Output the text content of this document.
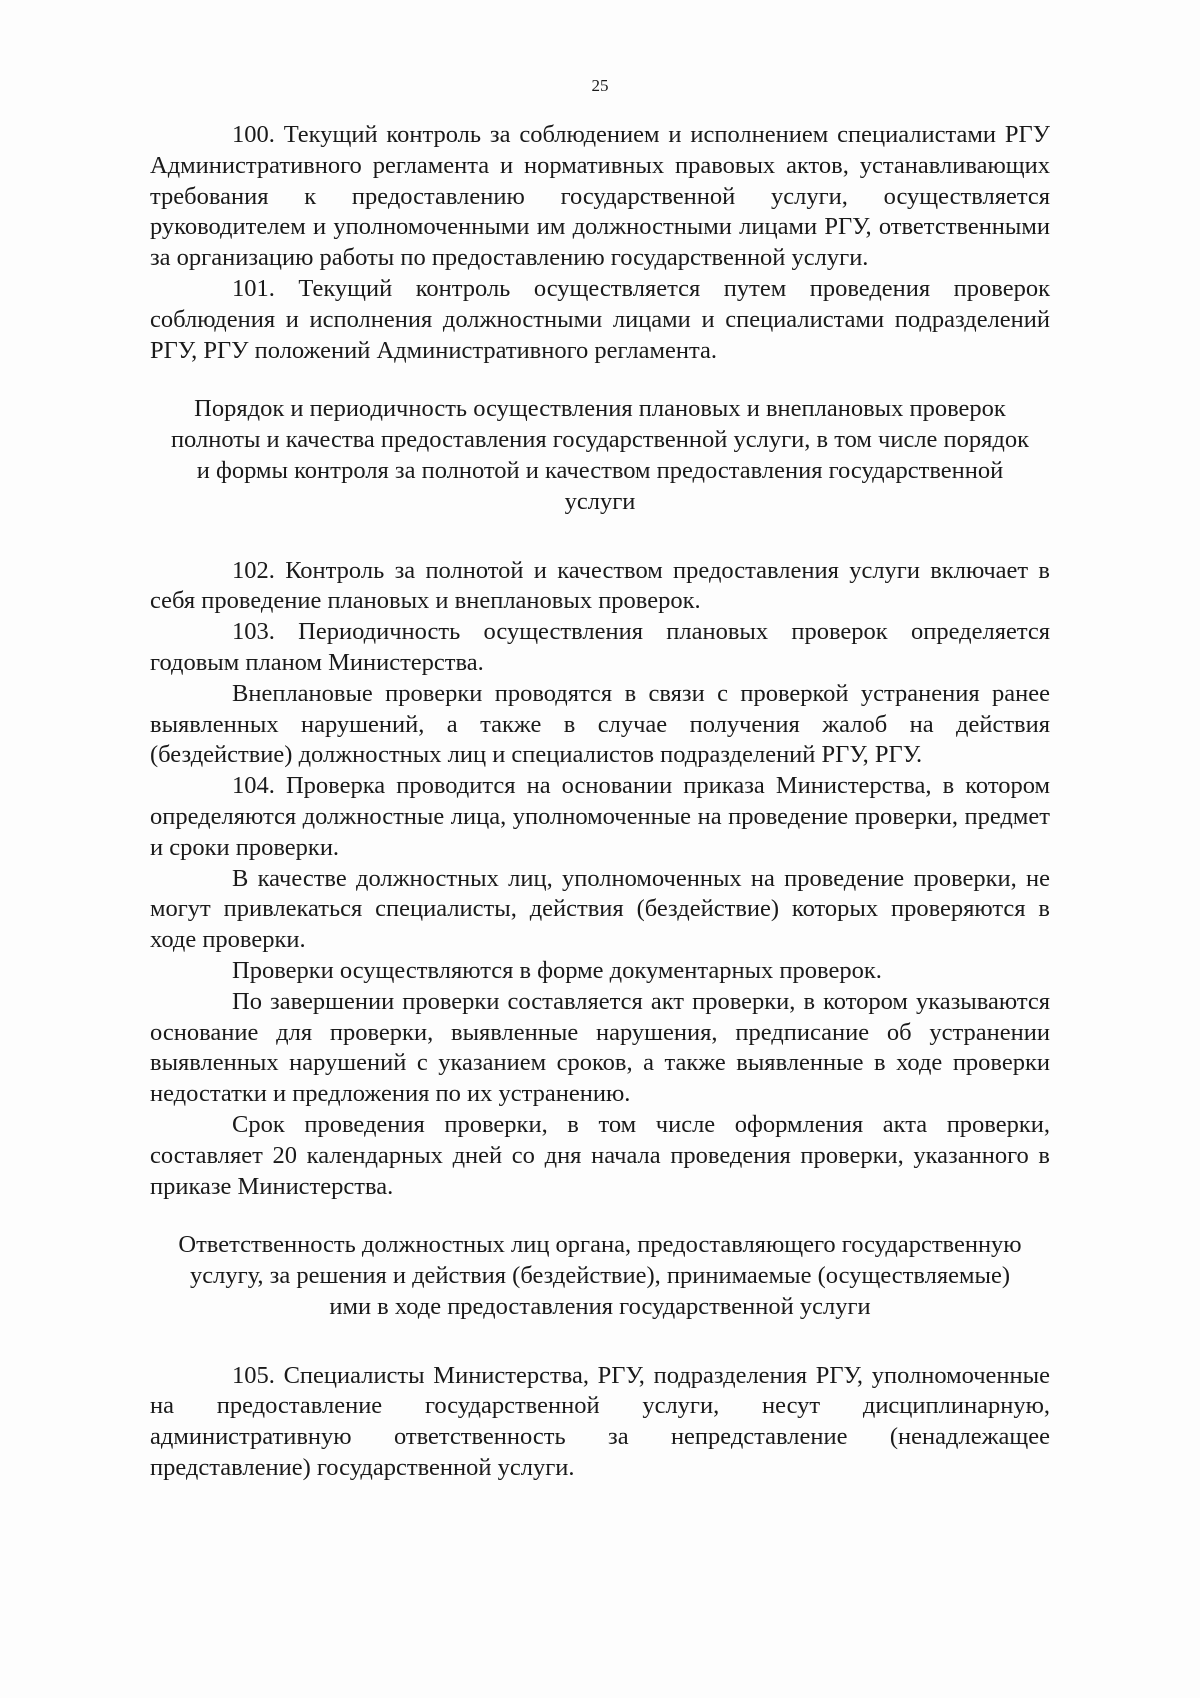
25

100. Текущий контроль за соблюдением и исполнением специалистами РГУ Административного регламента и нормативных правовых актов, устанавливающих требования к предоставлению государственной услуги, осуществляется руководителем и уполномоченными им должностными лицами РГУ, ответственными за организацию работы по предоставлению государственной услуги.

101. Текущий контроль осуществляется путем проведения проверок соблюдения и исполнения должностными лицами и специалистами подразделений РГУ, РГУ положений Административного регламента.

Порядок и периодичность осуществления плановых и внеплановых проверок полноты и качества предоставления государственной услуги, в том числе порядок и формы контроля за полнотой и качеством предоставления государственной услуги

102. Контроль за полнотой и качеством предоставления услуги включает в себя проведение плановых и внеплановых проверок.

103. Периодичность осуществления плановых проверок определяется годовым планом Министерства.

Внеплановые проверки проводятся в связи с проверкой устранения ранее выявленных нарушений, а также в случае получения жалоб на действия (бездействие) должностных лиц и специалистов подразделений РГУ, РГУ.

104. Проверка проводится на основании приказа Министерства, в котором определяются должностные лица, уполномоченные на проведение проверки, предмет и сроки проверки.

В качестве должностных лиц, уполномоченных на проведение проверки, не могут привлекаться специалисты, действия (бездействие) которых проверяются в ходе проверки.

Проверки осуществляются в форме документарных проверок.

По завершении проверки составляется акт проверки, в котором указываются основание для проверки, выявленные нарушения, предписание об устранении выявленных нарушений с указанием сроков, а также выявленные в ходе проверки недостатки и предложения по их устранению.

Срок проведения проверки, в том числе оформления акта проверки, составляет 20 календарных дней со дня начала проведения проверки, указанного в приказе Министерства.

Ответственность должностных лиц органа, предоставляющего государственную услугу, за решения и действия (бездействие), принимаемые (осуществляемые) ими в ходе предоставления государственной услуги

105. Специалисты Министерства, РГУ, подразделения РГУ, уполномоченные на предоставление государственной услуги, несут дисциплинарную, административную ответственность за непредставление (ненадлежащее представление) государственной услуги.
